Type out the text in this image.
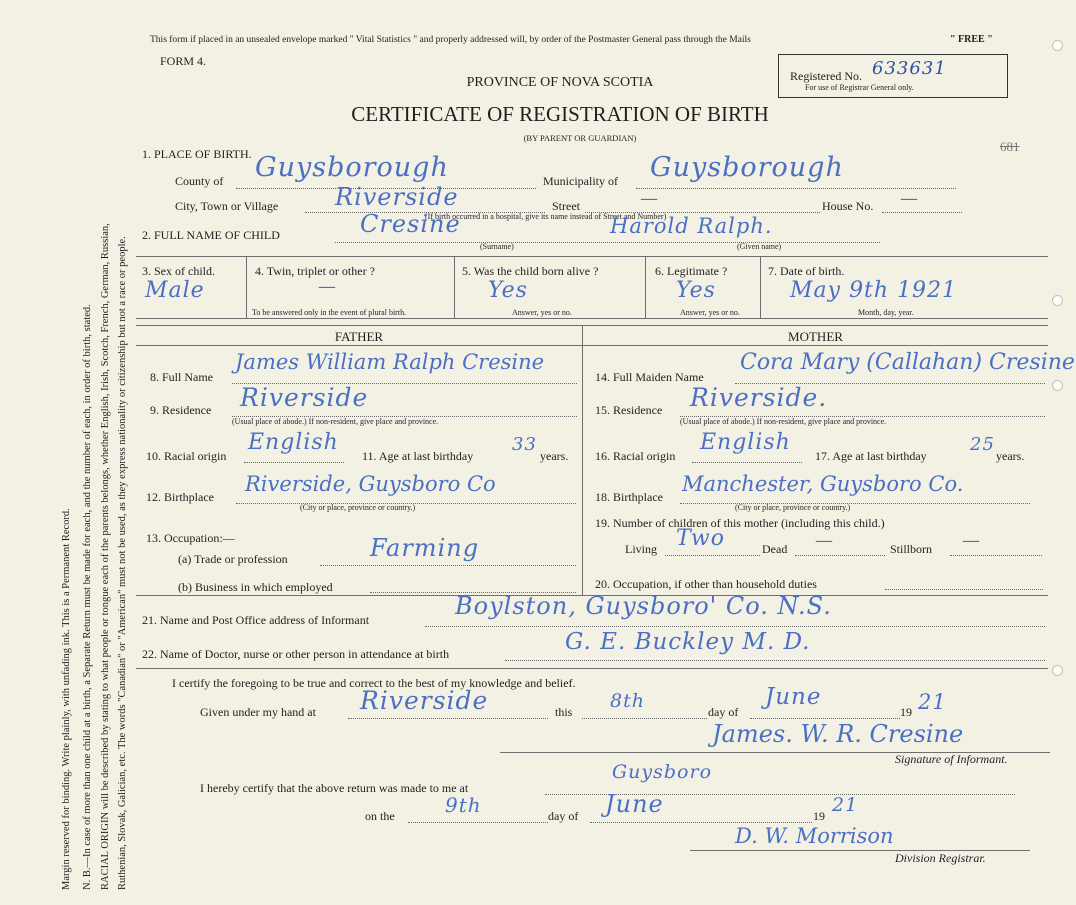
Margin reserved for binding. Write plainly, with unfading ink. This is a Permanent Record. N. B.—In case of more than one child at a birth, a Separate Return must be made for each, and the number of each, in order of birth, stated. RACIAL ORIGIN will be described by stating to what people or tongue each of the parents belongs, whether English, Irish, Scotch, French, German, Russian, Ruthenian, Slovak, Galician, etc. The words "Canadian" or "American" must not be used, as they express nationality or citizenship but not a race or people.
This form if placed in an unsealed envelope marked " Vital Statistics " and properly addressed will, by order of the Postmaster General pass through the Mails	" FREE "
FORM 4.
PROVINCE OF NOVA SCOTIA
CERTIFICATE OF REGISTRATION OF BIRTH
(BY PARENT OR GUARDIAN)
Registered No. 633631
For use of Registrar General only.
681
1. PLACE OF BIRTH.
County of Guysborough	Municipality of Guysborough
City, Town or Village Riverside	Street	—	House No. —
(If birth occurred in a hospital, give its name instead of Street and Number)
2. FULL NAME OF CHILD	Cresine	Harold Ralph.
(Surname)	(Given name)
3. Sex of child.
Male
4. Twin, triplet or other ?
—
To be answered only in the event of plural birth.
5. Was the child born alive ?
Yes
Answer, yes or no.
6. Legitimate ?
Yes
Answer, yes or no.
7. Date of birth.
May 9th 1921
Month, day, year.
FATHER	MOTHER
8. Full Name
James William Ralph Cresine
9. Residence Riverside
(Usual place of abode.) If non-resident, give place and province.
10. Racial origin
English
11. Age at last birthday
33
years.
12. Birthplace
Riverside, Guysboro Co
(City or place, province or country.)
13. Occupation:—
(a) Trade or profession	Farming
(b) Business in which employed
14. Full Maiden Name
Cora Mary (Callahan) Cresine
15. Residence Riverside.
(Usual place of abode.) If non-resident, give place and province.
16. Racial origin
English
17. Age at last birthday
25
years.
18. Birthplace
Manchester, Guysboro Co.
(City or place, province or country.)
19. Number of children of this mother (including this child.)
Living Two	Dead —	Stillborn —
20. Occupation, if other than household duties
21. Name and Post Office address of Informant	Boylston, Guysboro' Co. N.S.
22. Name of Doctor, nurse or other person in attendance at birth	G. E. Buckley M. D.
I certify the foregoing to be true and correct to the best of my knowledge and belief.
Given under my hand at Riverside	this 8th	day of
June
19 21
James. W. R. Cresine
Signature of Informant.
I hereby certify that the above return was made to me at
Guysboro
on the	9th	day of June	19 21
D. W. Morrison
Division Registrar.
